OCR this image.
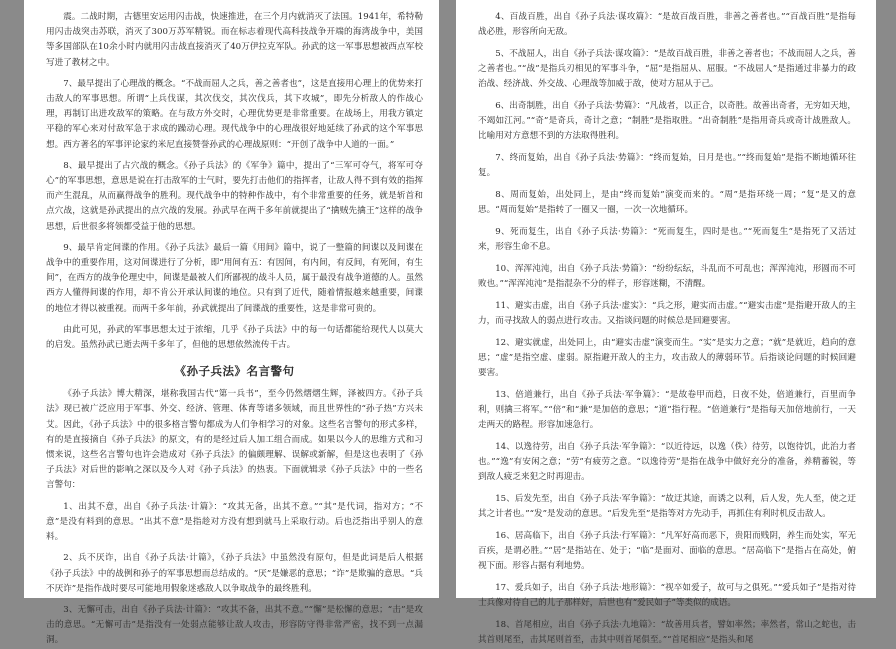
震。二战时期，古德里安运用闪击战，快速推进，在三个月内就消灭了法国。1941年，希特勒用闪击战突击苏联，消灭了300万苏军精锐。而在标志着现代高科技战争开端的海湾战争中，美国等多国部队在10余小时内就用闪击战直接消灭了40万伊拉克军队。孙武的这一军事思想被西点军校写进了教材之中。

7、最早提出了心理战的概念。“不战而屈人之兵，善之善者也”，这是直接用心理上的优势来打击敌人的军事思想。所谓“上兵伐谋，其次伐交，其次伐兵，其下攻城”，即先分析敌人的作战心理，再制订出进攻敌军的策略。在与敌方外交时，心理优势更是非常重要。在战场上，用我方镇定平稳的军心来对付敌军急于求成的躁动心理。现代战争中的心理战很好地延续了孙武的这个军事思想。西方著名的军事评论家约米尼直接赞誉孙武的心理战原则：“开创了战争中人道的一面。”

8、最早提出了占穴战的概念。《孙子兵法》的《军争》篇中，提出了“三军可夺气，将军可夺心”的军事思想，意思是说在打击敌军的士气时，要先打击他们的指挥者，让敌人得不到有效的指挥而产生混乱，从而赢得战争的胜利。现代战争中的特种作战中，有个非常重要的任务，就是斩首和点穴战，这就是孙武提出的点穴战的发展。孙武早在两千多年前就提出了“擒贼先擒王”这样的战争思想，后世很多将领都受益于他的思想。

9、最早肯定间谍的作用。《孙子兵法》最后一篇《用间》篇中，说了一整篇的间谍以及间谍在战争中的重要作用，这对间谍进行了分析，即“用间有五：有因间，有内间，有反间，有死间，有生间”，在西方的战争伦理史中，间谍是最被人们所鄙视的战斗人员，属于最没有战争道德的人。虽然西方人懂得间谍的作用，却不肯公开承认间谍的地位。只有到了近代，随着情报越来越重要，间谍的地位才得以被重视。而两千多年前，孙武就提出了间谍战的重要性，这是非常可贵的。

由此可见，孙武的军事思想太过于浓缩，几乎《孙子兵法》中的每一句话都能给现代人以莫大的启发。虽然孙武已逝去两千多年了，但他的思想依然流传千古。

《孙子兵法》名言警句

《孙子兵法》博大精深，堪称我国古代“第一兵书”，至今仍然熠熠生辉，泽被四方。《孙子兵法》现已被广泛应用于军事、外交、经济、管理、体育等诸多领域，而且世界性的“孙子热”方兴未艾。因此，《孙子兵法》中的很多格言警句都成为人们争相学习的对象。这些名言警句的形式多样，有的是直接摘自《孙子兵法》的原文，有的是经过后人加工组合而成。如果以今人的思维方式和习惯来说，这些名言警句也许会造成对《孙子兵法》的偏颇理解、误解或新解，但是这也表明了《孙子兵法》对后世的影响之深以及今人对《孙子兵法》的热衷。下面就辑录《孙子兵法》中的一些名言警句：

1、出其不意，出自《孙子兵法·计篇》：“攻其无备，出其不意。”“其”是代词，指对方；“不意”是没有料到的意思。“出其不意”是指趁对方没有想到就马上采取行动。后也泛指出乎别人的意料。

2、兵不厌诈，出自《孙子兵法·计篇》，《孙子兵法》中虽然没有原句，但是此词是后人根据《孙子兵法》中的战例和孙子的军事思想而总结成的。“厌”是嫌恶的意思；“诈”是欺骗的意思。“兵不厌诈”是指作战时要尽可能地用假象迷惑敌人以争取战争的最终胜利。

3、无懈可击，出自《孙子兵法·计篇》：“攻其不备，出其不意。”“懈”是松懈的意思；“击”是攻击的意思。“无懈可击”是指没有一处弱点能够让敌人攻击，形容防守得非常严密，找不到一点漏洞。

4、百战百胜，出自《孙子兵法·谋攻篇》：“是故百战百胜，非善之善者也。”“百战百胜”是指每战必胜，形容所向无敌。

5、不战屈人，出自《孙子兵法·谋攻篇》：“是故百战百胜，非善之善者也；不战而屈人之兵，善之善者也。”“战”是指兵刃相见的军事斗争，“屈”是指屈从、屈服。“不战屈人”是指通过非暴力的政治战、经济战、外交战、心理战等加威于敌，使对方屈从于己。

6、出奇制胜，出自《孙子兵法·势篇》：“凡战者，以正合，以奇胜。故善出奇者，无穷如天地，不竭如江河。”“奇”是奇兵，奇计之意；“制胜”是指取胜。“出奇制胜”是指用奇兵或奇计战胜敌人。比喻用对方意想不到的方法取得胜利。

7、终而复始，出自《孙子兵法·势篇》：“终而复始，日月是也。”“终而复始”是指不断地循环往复。

8、周而复始，出处同上，是由“终而复始”演变而来的。“周”是指环绕一周；“复”是又的意思。“周而复始”是指转了一圈又一圈，一次一次地循环。

9、死而复生，出自《孙子兵法·势篇》：“死而复生，四时是也。”“死而复生”是指死了又活过来，形容生命不息。

10、浑浑沌沌，出自《孙子兵法·势篇》：“纷纷纭纭，斗乱而不可乱也；浑浑沌沌，形圆而不可败也。”“浑浑沌沌”是指混杂不分的样子，形容迷糊，不清醒。

11、避实击虚，出自《孙子兵法·虚实》：“兵之形，避实而击虚。”“避实击虚”是指避开敌人的主力，而寻找敌人的弱点进行攻击。又指谈问题的时候总是回避要害。

12、避实就虚，出处同上，由“避实击虚”演变而生。“实”是实力之意；“就”是就近，趋向的意思；“虚”是指空虚、虚弱。原指避开敌人的主力，攻击敌人的薄弱环节。后指谈论问题的时候回避要害。

13、倍道兼行，出自《孙子兵法·军争篇》：“是故卷甲而趋，日夜不处，倍道兼行，百里而争利，则擒三将军。”“倍”和“兼”是加倍的意思；“道”指行程。“倍道兼行”是指每天加倍地前行，一天走两天的路程。形容加速急行。

14、以逸待劳，出自《孙子兵法·军争篇》：“以近待远，以逸（佚）待劳，以饱待饥，此治力者也。”“逸”有安闲之意；“劳”有疲劳之意。“以逸待劳”是指在战争中做好充分的准备，养精蓄锐，等到敌人疲乏来犯之时再迎击。

15、后发先至，出自《孙子兵法·军争篇》：“故迂其途，而诱之以利，后人发，先人至，使之迂其之计者也。”“发”是发动的意思。“后发先至”是指等对方先动手，再抓住有利时机反击敌人。

16、居高临下，出自《孙子兵法·行军篇》：“凡军好高而恶下，贵阳而贱阴，养生而处实，军无百疾，是谓必胜。”“居”是指站在、处于；“临”是面对、面临的意思。“居高临下”是指占在高处，俯视下面。形容占据有利地势。

17、爱兵如子，出自《孙子兵法·地形篇》：“视卒如爱子，故可与之俱死。”“爱兵如子”是指对待士兵像对待自己的儿子那样好，后世也有“爱民如子”等类似的成语。

18、首尾相应，出自《孙子兵法·九地篇》：“故善用兵者，譬如率然；率然者，常山之蛇也，击其首则尾至，击其尾则首至，击其中则首尾俱至。”“首尾相应”是指头和尾
